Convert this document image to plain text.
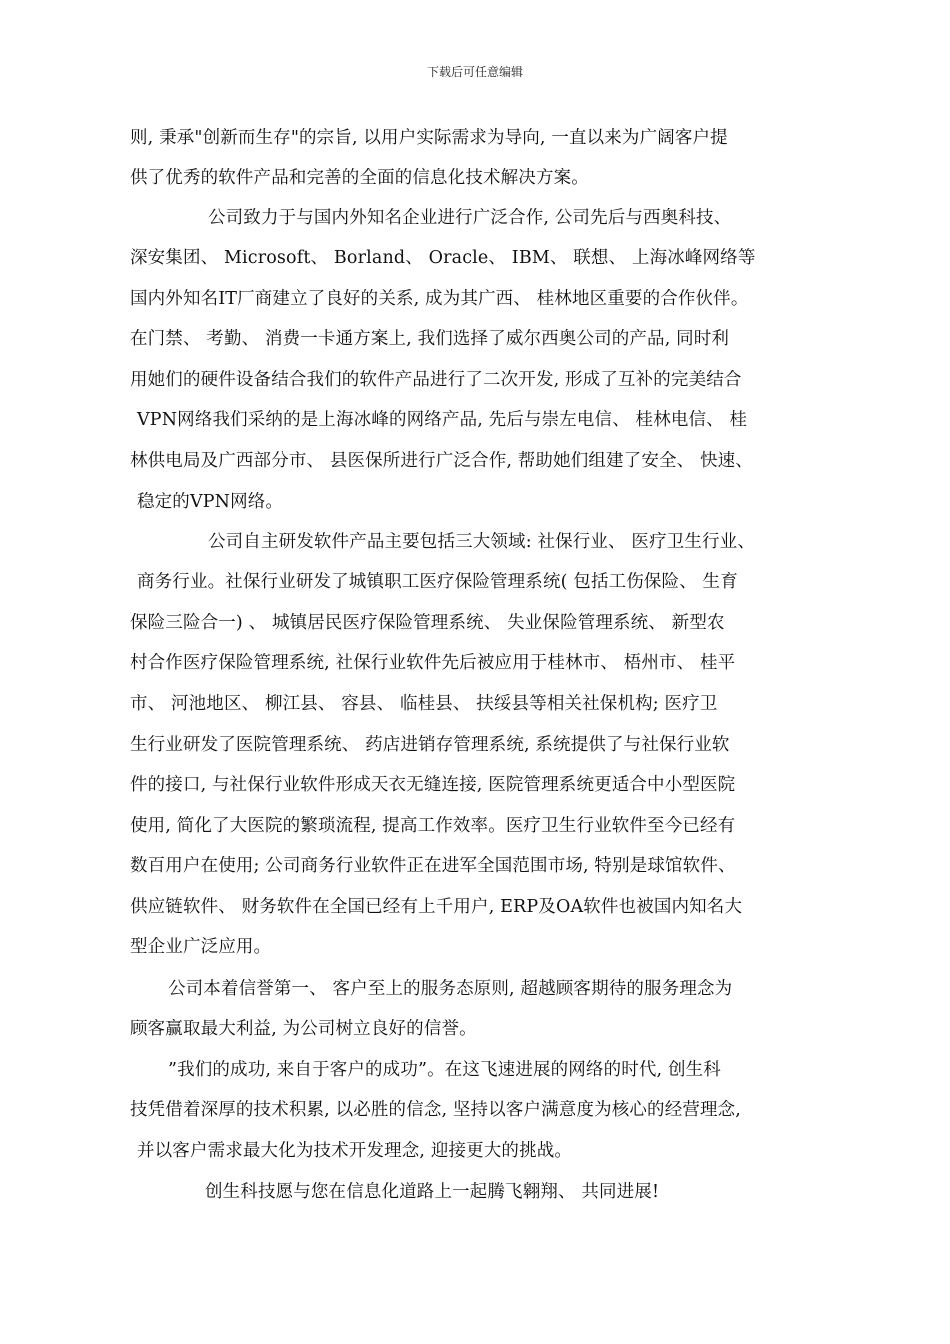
下载后可任意编辑
则, 秉承"创新而生存"的宗旨, 以用户实际需求为导向, 一直以来为广阔客户提
供了优秀的软件产品和完善的全面的信息化技术解决方案。
公司致力于与国内外知名企业进行广泛合作, 公司先后与西奥科技、
深安集团、 Microsoft、 Borland、 Oracle、 IBM、 联想、 上海冰峰网络等
国内外知名IT厂商建立了良好的关系, 成为其广西、 桂林地区重要的合作伙伴。
在门禁、 考勤、 消费一卡通方案上, 我们选择了威尔西奥公司的产品, 同时利
用她们的硬件设备结合我们的软件产品进行了二次开发, 形成了互补的完美结合
VPN网络我们采纳的是上海冰峰的网络产品, 先后与崇左电信、 桂林电信、 桂
林供电局及广西部分市、 县医保所进行广泛合作, 帮助她们组建了安全、 快速、
稳定的VPN网络。
公司自主研发软件产品主要包括三大领域: 社保行业、 医疗卫生行业、
商务行业。社保行业研发了城镇职工医疗保险管理系统( 包括工伤保险、 生育
保险三险合一) 、 城镇居民医疗保险管理系统、 失业保险管理系统、 新型农
村合作医疗保险管理系统, 社保行业软件先后被应用于桂林市、 梧州市、 桂平
市、 河池地区、 柳江县、 容县、 临桂县、 扶绥县等相关社保机构; 医疗卫
生行业研发了医院管理系统、 药店进销存管理系统, 系统提供了与社保行业软
件的接口, 与社保行业软件形成天衣无缝连接, 医院管理系统更适合中小型医院
使用, 简化了大医院的繁琐流程, 提高工作效率。医疗卫生行业软件至今已经有
数百用户在使用; 公司商务行业软件正在进军全国范围市场, 特别是球馆软件、
供应链软件、 财务软件在全国已经有上千用户, ERP及OA软件也被国内知名大
型企业广泛应用。
公司本着信誉第一、 客户至上的服务态原则, 超越顾客期待的服务理念为
顾客赢取最大利益, 为公司树立良好的信誉。
”我们的成功, 来自于客户的成功”。在这飞速进展的网络的时代, 创生科
技凭借着深厚的技术积累, 以必胜的信念, 坚持以客户满意度为核心的经营理念,
并以客户需求最大化为技术开发理念, 迎接更大的挑战。
创生科技愿与您在信息化道路上一起腾飞翱翔、 共同进展!
